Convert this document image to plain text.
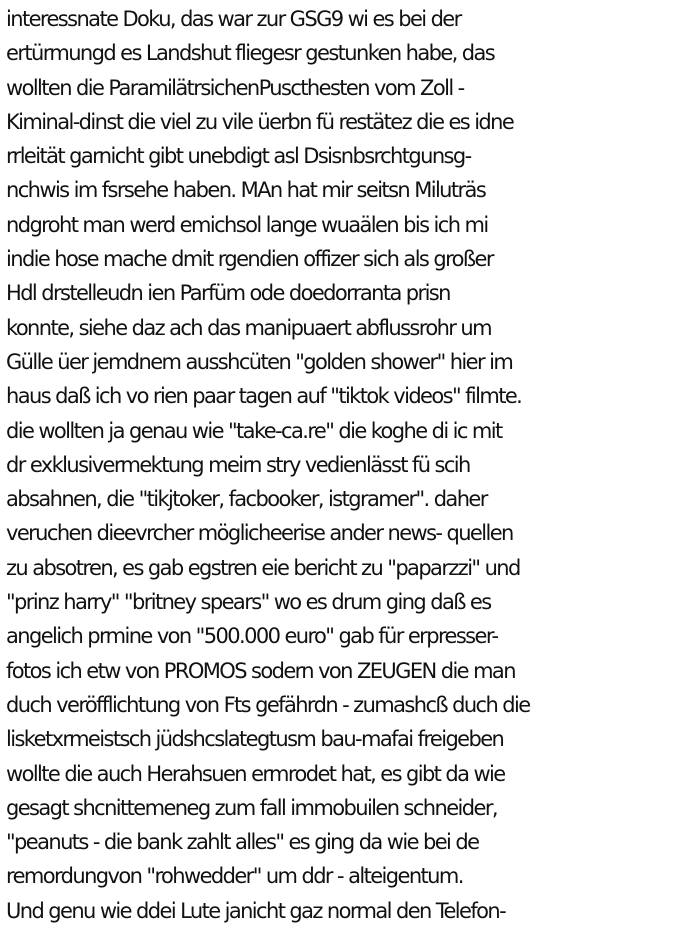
interessnate Doku, das war zur GSG9 wi es bei der
ertürmungd es Landshut fliegesr gestunken habe, das
wollten die ParamilätrsichenPuscthesten vom Zoll -
Kiminal-dinst die viel zu vile üerbn fü restätez die es idne
rrleität garnicht gibt unebdigt asl Dsisnbsrchtgunsg-
nchwis im fsrsehe haben. MAn hat mir seitsn Miluträs
ndgroht man werd emichsol lange wuaälen bis ich mi
indie hose mache dmit rgendien offizer sich als großer
Hdl drstelleudn ien Parfüm ode doedorranta prisn
konnte, siehe daz ach das manipuaert abflussrohr um
Gülle üer jemdnem ausshcüten "golden shower" hier im
haus daß ich vo rien paar tagen auf "tiktok videos" filmte.
die wollten ja genau wie "take-ca.re" die koghe di ic mit
dr exklusivermektung meirn stry vedienlässt fü scih
absahnen, die "tikjtoker, facbooker, istgramer". daher
veruchen dieevrcher möglicheerise ander news- quellen
zu absotren, es gab egstren eie bericht zu "paparzzi" und
"prinz harry" "britney spears" wo es drum ging daß es
angelich prmine von "500.000 euro" gab für erpresser-
fotos ich etw von PROMOS sodern von ZEUGEN die man
duch veröfflichtung von Fts gefährdn - zumashcß duch die
lisketxrmeistsch jüdshcslategtusm bau-mafai freigeben
wollte die auch Herahsuen ermrodet hat, es gibt da wie
gesagt shcnittemeneg zum fall immobuilen schneider,
"peanuts - die bank zahlt alles" es ging da wie bei de
remordungvon "rohwedder" um ddr - alteigentum.
Und genu wie ddei Lute janicht gaz normal den Telefon-
